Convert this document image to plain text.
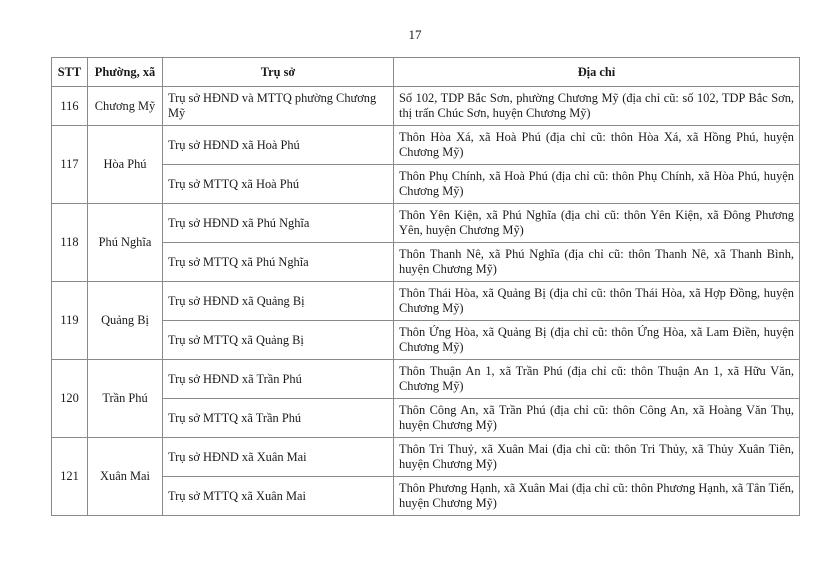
17
STT	Phường, xã	Trụ sở	Địa chỉ
116	Chương Mỹ	Trụ sở HĐND và MTTQ phường Chương Mỹ	Số 102, TDP Bắc Sơn, phường Chương Mỹ (địa chỉ cũ: số 102, TDP Bắc Sơn, thị trấn Chúc Sơn, huyện Chương Mỹ)
117	Hòa Phú	Trụ sở HĐND xã Hoà Phú	Thôn Hòa Xá, xã Hoà Phú (địa chỉ cũ: thôn Hòa Xá, xã Hồng Phú, huyện Chương Mỹ)
		Trụ sở MTTQ xã Hoà Phú	Thôn Phụ Chính, xã Hoà Phú (địa chỉ cũ: thôn Phụ Chính, xã Hòa Phú, huyện Chương Mỹ)
118	Phú Nghĩa	Trụ sở HĐND xã Phú Nghĩa	Thôn Yên Kiện, xã Phú Nghĩa (địa chỉ cũ: thôn Yên Kiện, xã Đông Phương Yên, huyện Chương Mỹ)
		Trụ sở MTTQ xã Phú Nghĩa	Thôn Thanh Nê, xã Phú Nghĩa (địa chỉ cũ: thôn Thanh Nê, xã Thanh Bình, huyện Chương Mỹ)
119	Quảng Bị	Trụ sở HĐND xã Quảng Bị	Thôn Thái Hòa, xã Quảng Bị (địa chỉ cũ: thôn Thái Hòa, xã Hợp Đồng, huyện Chương Mỹ)
		Trụ sở MTTQ xã Quảng Bị	Thôn Ứng Hòa, xã Quảng Bị (địa chỉ cũ: thôn Ứng Hòa, xã Lam Điền, huyện Chương Mỹ)
120	Trần Phú	Trụ sở HĐND xã Trần Phú	Thôn Thuận An 1, xã Trần Phú (địa chỉ cũ: thôn Thuận An 1, xã Hữu Văn, Chương Mỹ)
		Trụ sở MTTQ xã Trần Phú	Thôn Công An, xã Trần Phú (địa chỉ cũ: thôn Công An, xã Hoàng Văn Thụ, huyện Chương Mỹ)
121	Xuân Mai	Trụ sở HĐND xã Xuân Mai	Thôn Tri Thuỷ, xã Xuân Mai (địa chỉ cũ: thôn Tri Thủy, xã Thủy Xuân Tiên, huyện Chương Mỹ)
		Trụ sở MTTQ xã Xuân Mai	Thôn Phương Hạnh, xã Xuân Mai (địa chỉ cũ: thôn Phương Hạnh, xã Tân Tiến, huyện Chương Mỹ)
